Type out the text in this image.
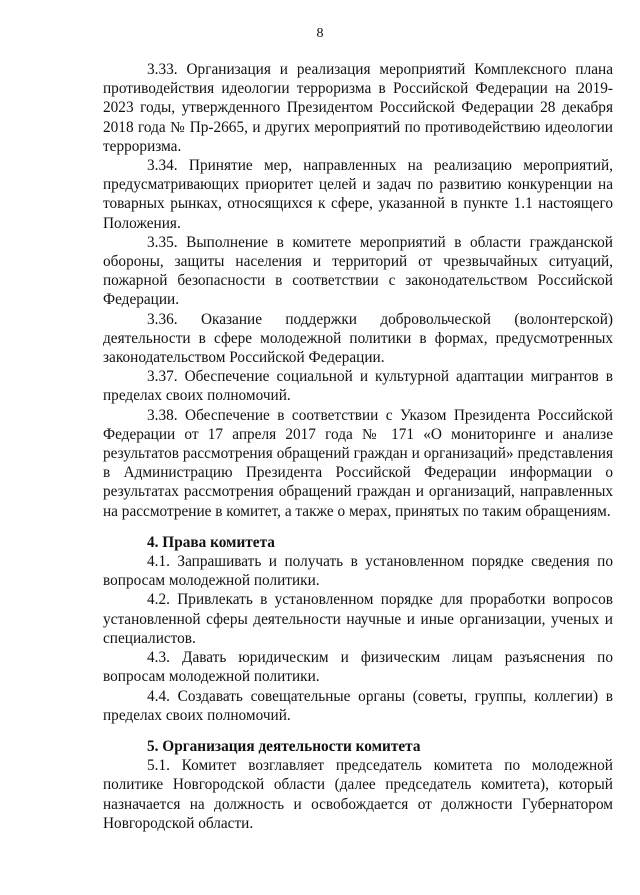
8

3.33. Организация и реализация мероприятий Комплексного плана противодействия идеологии терроризма в Российской Федерации на 2019-2023 годы, утвержденного Президентом Российской Федерации 28 декабря 2018 года № Пр-2665, и других мероприятий по противодействию идеологии терроризма.

3.34. Принятие мер, направленных на реализацию мероприятий, предусматривающих приоритет целей и задач по развитию конкуренции на товарных рынках, относящихся к сфере, указанной в пункте 1.1 настоящего Положения.

3.35. Выполнение в комитете мероприятий в области гражданской обороны, защиты населения и территорий от чрезвычайных ситуаций, пожарной безопасности в соответствии с законодательством Российской Федерации.

3.36. Оказание поддержки добровольческой (волонтерской) деятельности в сфере молодежной политики в формах, предусмотренных законодательством Российской Федерации.

3.37. Обеспечение социальной и культурной адаптации мигрантов в пределах своих полномочий.

3.38. Обеспечение в соответствии с Указом Президента Российской Федерации от 17 апреля 2017 года № 171 «О мониторинге и анализе результатов рассмотрения обращений граждан и организаций» представления в Администрацию Президента Российской Федерации информации о результатах рассмотрения обращений граждан и организаций, направленных на рассмотрение в комитет, а также о мерах, принятых по таким обращениям.

4. Права комитета

4.1. Запрашивать и получать в установленном порядке сведения по вопросам молодежной политики.

4.2. Привлекать в установленном порядке для проработки вопросов установленной сферы деятельности научные и иные организации, ученых и специалистов.

4.3. Давать юридическим и физическим лицам разъяснения по вопросам молодежной политики.

4.4. Создавать совещательные органы (советы, группы, коллегии) в пределах своих полномочий.

5. Организация деятельности комитета

5.1. Комитет возглавляет председатель комитета по молодежной политике Новгородской области (далее председатель комитета), который назначается на должность и освобождается от должности Губернатором Новгородской области.
